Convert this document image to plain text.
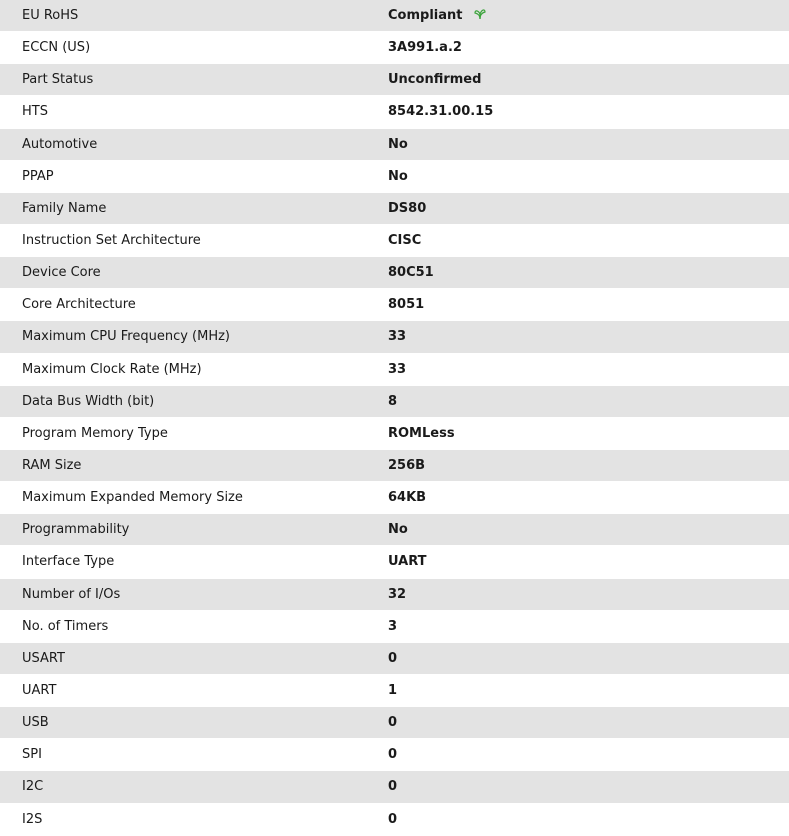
EU RoHS	Compliant
ECCN (US)	3A991.a.2
Part Status	Unconfirmed
HTS	8542.31.00.15
Automotive	No
PPAP	No
Family Name	DS80
Instruction Set Architecture	CISC
Device Core	80C51
Core Architecture	8051
Maximum CPU Frequency (MHz)	33
Maximum Clock Rate (MHz)	33
Data Bus Width (bit)	8
Program Memory Type	ROMLess
RAM Size	256B
Maximum Expanded Memory Size	64KB
Programmability	No
Interface Type	UART
Number of I/Os	32
No. of Timers	3
USART	0
UART	1
USB	0
SPI	0
I2C	0
I2S	0
